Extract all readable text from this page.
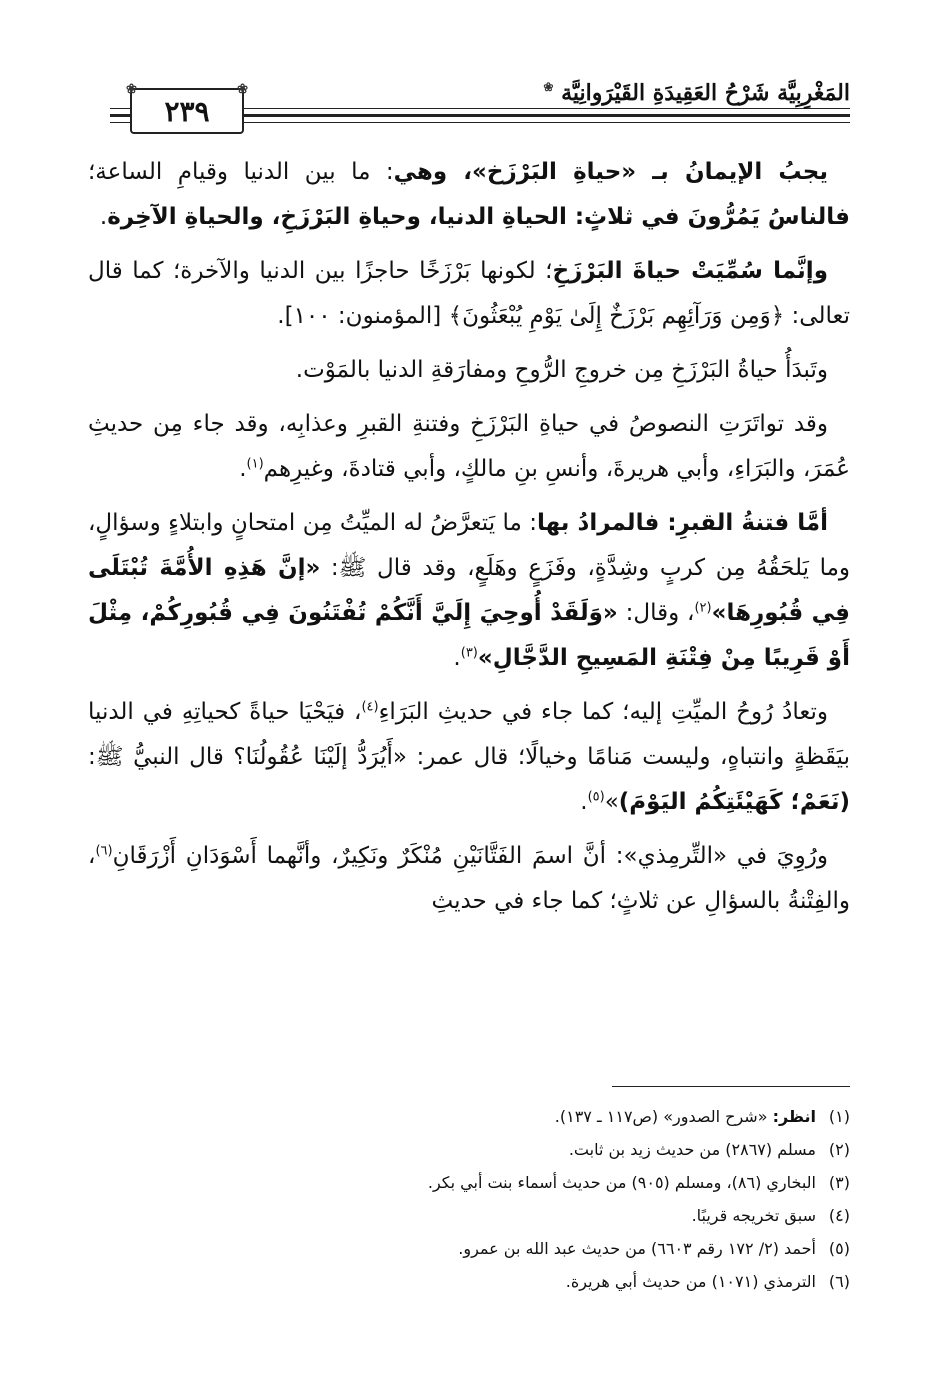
❀
٢٣٩
❀	المَغْرِبِيَّة شَرْحُ العَقِيدَةِ القَيْرَوانِيَّة ❀

يجبُ الإيمانُ بـ «حياةِ البَرْزَخ»، وهي: ما بين الدنيا وقيامِ الساعة؛ فالناسُ يَمُرُّونَ في ثلاثٍ: الحياةِ الدنيا، وحياةِ البَرْزَخِ، والحياةِ الآخِرة.

وإنَّما سُمِّيَتْ حياةَ البَرْزَخِ؛ لكونها بَرْزَخًا حاجزًا بين الدنيا والآخرة؛ كما قال تعالى: ﴿وَمِن وَرَآئِهِم بَرْزَخٌ إِلَىٰ يَوْمِ يُبْعَثُونَ﴾ [المؤمنون: ١٠٠].

وتَبدَأُ حياةُ البَرْزَخِ مِن خروجِ الرُّوحِ ومفارَقةِ الدنيا بالمَوْت.

وقد تواتَرَتِ النصوصُ في حياةِ البَرْزَخِ وفتنةِ القبرِ وعذابِه، وقد جاء مِن حديثِ عُمَرَ، والبَرَاءِ، وأبي هريرةَ، وأنسِ بنِ مالكٍ، وأبي قتادةَ، وغيرِهم$^{(١)}$.

أمَّا فتنةُ القبرِ: فالمرادُ بها: ما يَتعرَّضُ له الميِّتُ مِن امتحانٍ وابتلاءٍ وسؤالٍ، وما يَلحَقُهُ مِن كربٍ وشِدَّةٍ، وفَزَعٍ وهَلَعٍ، وقد قال ﷺ: «إنَّ هَذِهِ الأُمَّةَ تُبْتَلَى فِي قُبُورِهَا»$^{(٢)}$، وقال: «وَلَقَدْ أُوحِيَ إِلَيَّ أَنَّكُمْ تُفْتَنُونَ فِي قُبُورِكُمْ، مِثْلَ أَوْ قَرِيبًا مِنْ فِتْنَةِ المَسِيحِ الدَّجَّالِ»$^{(٣)}$.

وتعادُ رُوحُ الميِّتِ إليه؛ كما جاء في حديثِ البَرَاءِ$^{(٤)}$، فيَحْيَا حياةً كحياتِهِ في الدنيا بيَقَظةٍ وانتباهٍ، وليست مَنامًا وخيالًا؛ قال عمر: «أَيُرَدُّ إلَيْنَا عُقُولُنَا؟ قال النبيُّ ﷺ: (نَعَمْ؛ كَهَيْئَتِكُمُ اليَوْمَ)»$^{(٥)}$.

ورُوِيَ في «التِّرمِذي»: أنَّ اسمَ الفَتَّانَيْنِ مُنْكَرٌ ونَكِيرٌ، وأنَّهما أَسْوَدَانِ أَزْرَقَانِ$^{(٦)}$، والفِتْنةُ بالسؤالِ عن ثلاثٍ؛ كما جاء في حديثِ

(١)انظر: «شرح الصدور» (ص١١٧ ـ ١٣٧).
(٢)مسلم (٢٨٦٧) من حديث زيد بن ثابت.
(٣)البخاري (٨٦)، ومسلم (٩٠٥) من حديث أسماء بنت أبي بكر.
(٤)سبق تخريجه قريبًا.
(٥)أحمد (٢/ ١٧٢ رقم ٦٦٠٣) من حديث عبد الله بن عمرو.
(٦)الترمذي (١٠٧١) من حديث أبي هريرة.
